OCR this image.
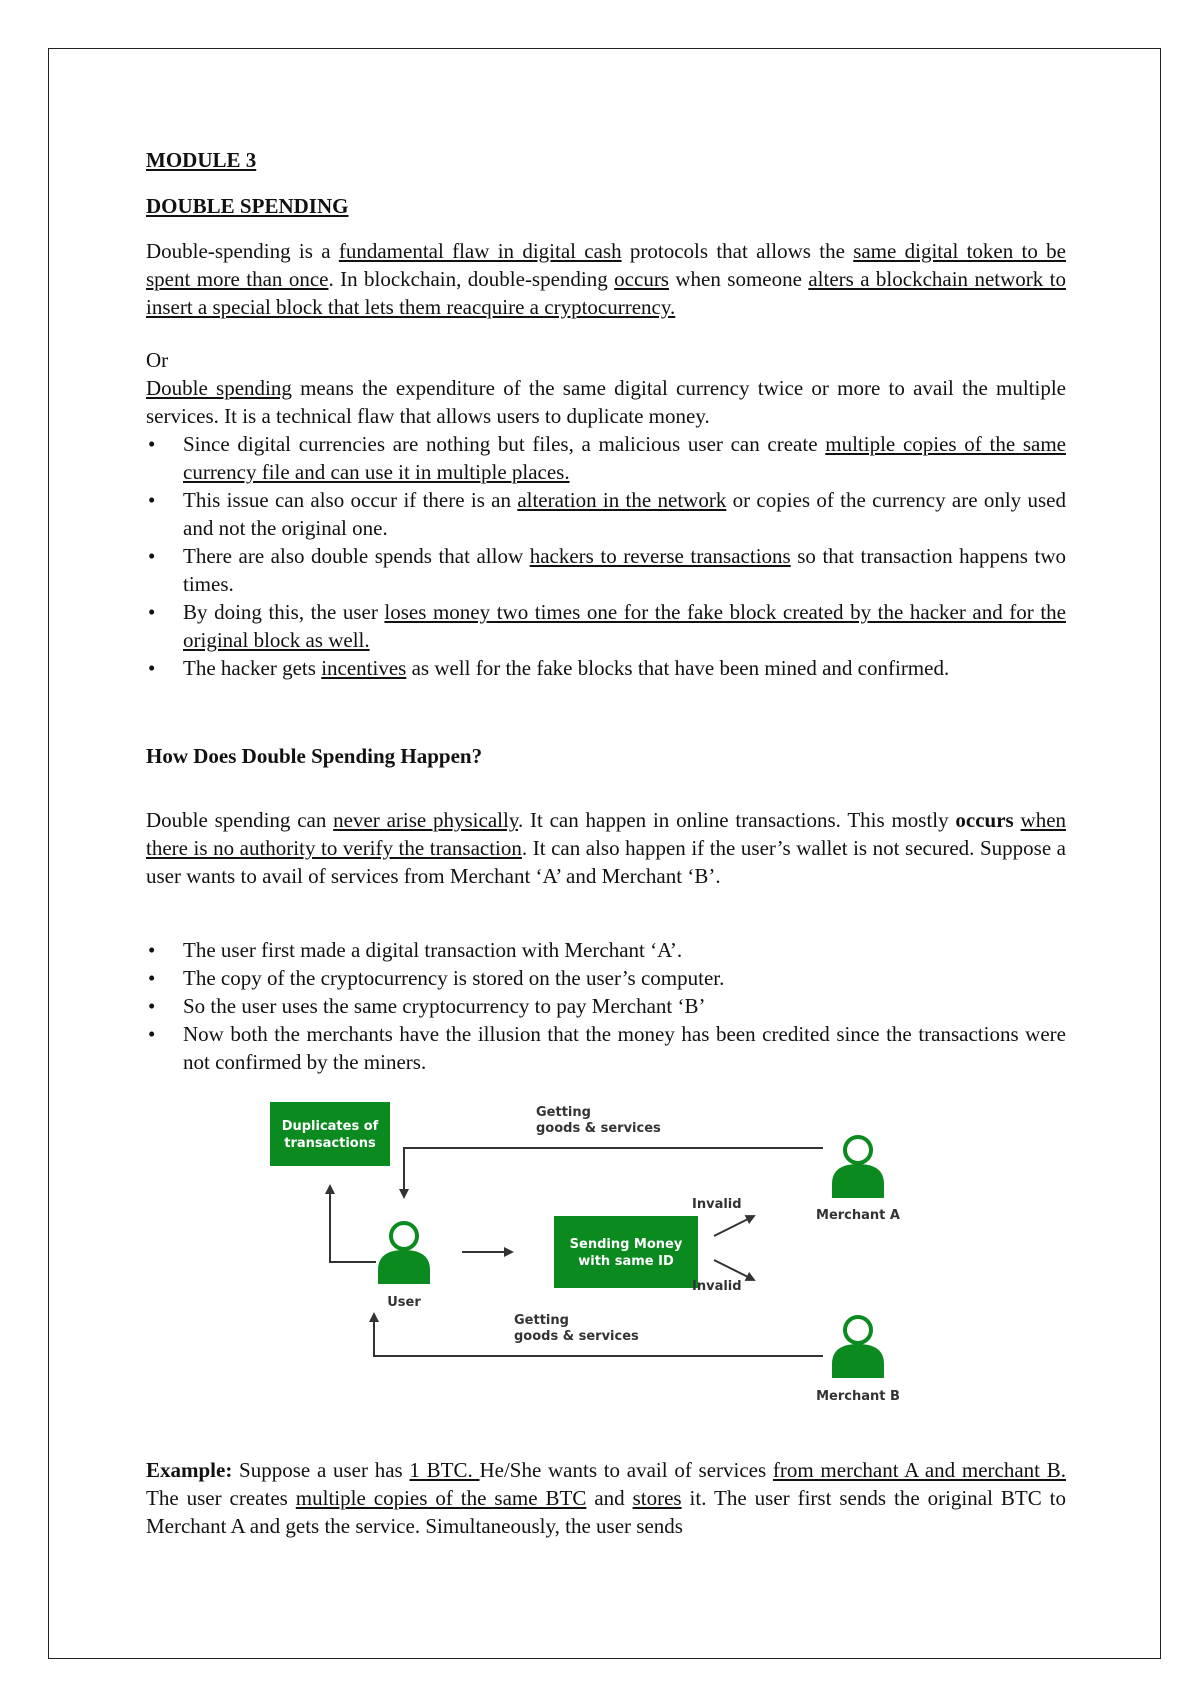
MODULE 3
DOUBLE SPENDING

Double-spending is a fundamental flaw in digital cash protocols that allows the same digital token to be spent more than once. In blockchain, double-spending occurs when someone alters a blockchain network to insert a special block that lets them reacquire a cryptocurrency.

Or

Double spending means the expenditure of the same digital currency twice or more to avail the multiple services. It is a technical flaw that allows users to duplicate money.

• Since digital currencies are nothing but files, a malicious user can create multiple copies of the same currency file and can use it in multiple places.
• This issue can also occur if there is an alteration in the network or copies of the currency are only used and not the original one.
• There are also double spends that allow hackers to reverse transactions so that transaction happens two times.
• By doing this, the user loses money two times one for the fake block created by the hacker and for the original block as well.
• The hacker gets incentives as well for the fake blocks that have been mined and confirmed.
How Does Double Spending Happen?

Double spending can never arise physically. It can happen in online transactions. This mostly occurs when there is no authority to verify the transaction. It can also happen if the user’s wallet is not secured. Suppose a user wants to avail of services from Merchant ‘A’ and Merchant ‘B’.

• The user first made a digital transaction with Merchant ‘A’.
• The copy of the cryptocurrency is stored on the user’s computer.
• So the user uses the same cryptocurrency to pay Merchant ‘B’
• Now both the merchants have the illusion that the money has been credited since the transactions were not confirmed by the miners.

Example: Suppose a user has 1 BTC. He/She wants to avail of services from merchant A and merchant B. The user creates multiple copies of the same BTC and stores it. The user first sends the original BTC to Merchant A and gets the service. Simultaneously, the user sends

Duplicates of
transactions
Sending Money
with same ID
User
Merchant A
Merchant B
Getting
goods & services
Invalid
Invalid
Getting
goods & services
